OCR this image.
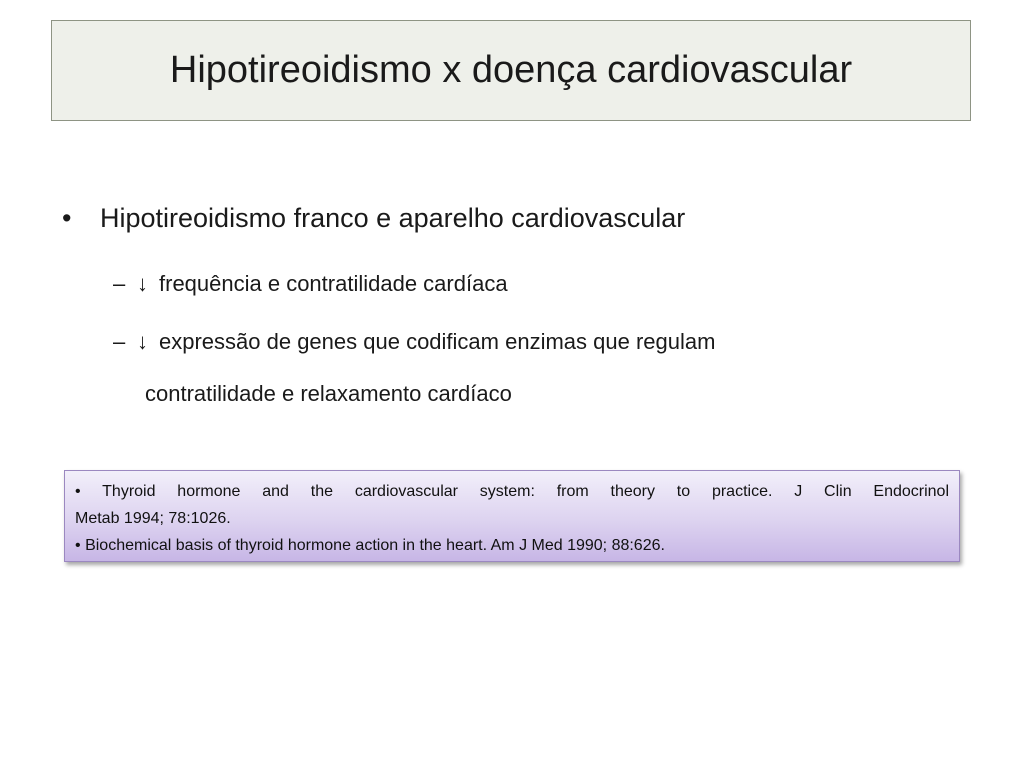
Hipotireoidismo x doença cardiovascular
• Hipotireoidismo franco e aparelho cardiovascular
– ↓ frequência e contratilidade cardíaca
– ↓ expressão de genes que codificam enzimas que regulam
contratilidade e relaxamento cardíaco
• Thyroid hormone and the cardiovascular system: from theory to practice. J Clin Endocrinol
Metab 1994; 78:1026.
• Biochemical basis of thyroid hormone action in the heart. Am J Med 1990; 88:626.
